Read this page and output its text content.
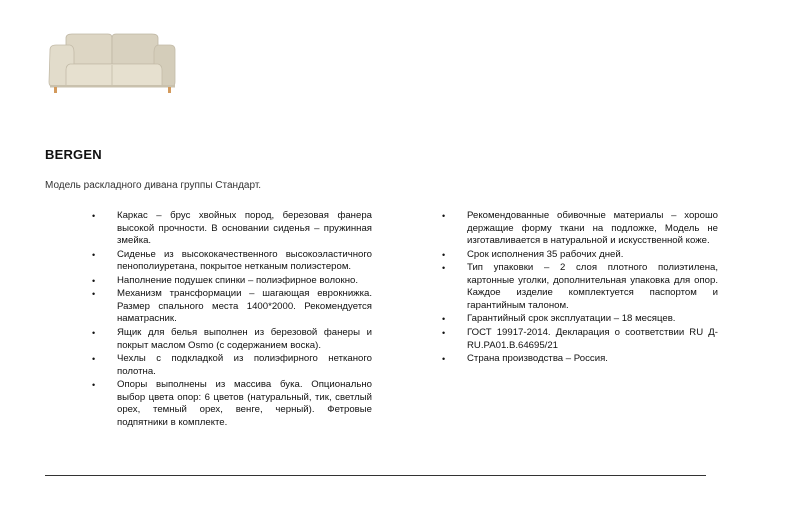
BERGEN
Модель раскладного дивана группы Стандарт.
•	Каркас – брус хвойных пород, березовая фанера высокой прочности. В основании сиденья – пружинная змейка.
•	Сиденье из высококачественного высокоэластичного пенополиуретана, покрытое нетканым полиэстером.
•	Наполнение подушек спинки – полиэфирное волокно.
•	Механизм трансформации – шагающая еврокнижка. Размер спального места 1400*2000. Рекомендуется наматрасник.
•	Ящик для белья выполнен из березовой фанеры и покрыт маслом Osmo (с содержанием воска).
•	Чехлы с подкладкой из полиэфирного нетканого полотна.
•	Опоры выполнены из массива бука. Опционально выбор цвета опор: 6 цветов (натуральный, тик, светлый орех, темный орех, венге, черный). Фетровые подпятники в комплекте.
•	Рекомендованные обивочные материалы – хорошо держащие форму ткани на подложке, Модель не изготавливается в натуральной и искусственной коже.
•	Срок исполнения 35 рабочих дней.
•	Тип упаковки – 2 слоя плотного полиэтилена, картонные уголки, дополнительная упаковка для опор. Каждое изделие комплектуется паспортом и гарантийным талоном.
•	Гарантийный срок эксплуатации – 18 месяцев.
•	ГОСТ 19917-2014. Декларация о соответствии RU Д-RU.PA01.B.64695/21
•	Страна производства – Россия.
